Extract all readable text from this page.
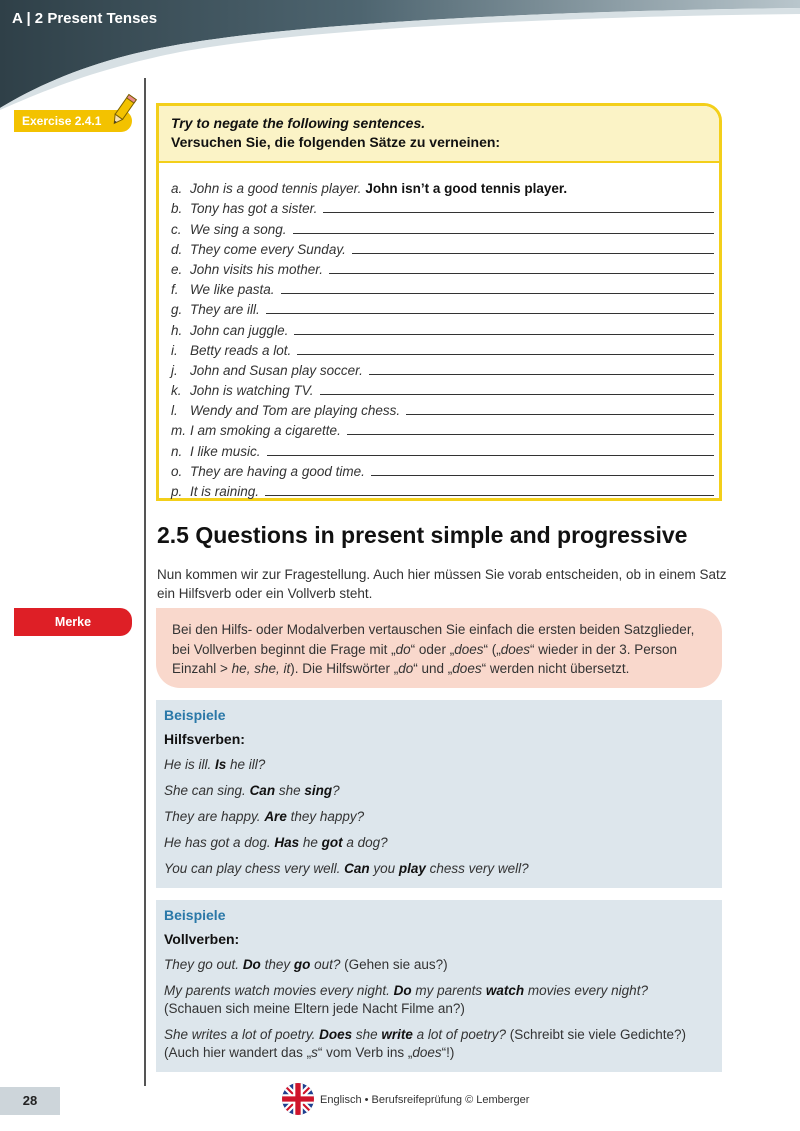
A | 2 Present Tenses
Exercise 2.4.1	Try to negate the following sentences.
Versuchen Sie, die folgenden Sätze zu verneinen:
a. John is a good tennis player. John isn’t a good tennis player.
b. Tony has got a sister.
c. We sing a song.
d. They come every Sunday.
e. John visits his mother.
f. We like pasta.
g. They are ill.
h. John can juggle.
i. Betty reads a lot.
j. John and Susan play soccer.
k. John is watching TV.
l. Wendy and Tom are playing chess.
m. I am smoking a cigarette.
n. I like music.
o. They are having a good time.
p. It is raining.
2.5 Questions in present simple and progressive
Nun kommen wir zur Fragestellung. Auch hier müssen Sie vorab entscheiden, ob in einem Satz ein Hilfsverb oder ein Vollverb steht.
Merke	Bei den Hilfs- oder Modalverben vertauschen Sie einfach die ersten beiden Satzglieder, bei Vollverben beginnt die Frage mit „do“ oder „does“ („does“ wieder in der 3. Person Einzahl > he, she, it). Die Hilfswörter „do“ und „does“ werden nicht übersetzt.
Beispiele
Hilfsverben:
He is ill. Is he ill?
She can sing. Can she sing?
They are happy. Are they happy?
He has got a dog. Has he got a dog?
You can play chess very well. Can you play chess very well?
Beispiele
Vollverben:
They go out. Do they go out? (Gehen sie aus?)
My parents watch movies every night. Do my parents watch movies every night?
(Schauen sich meine Eltern jede Nacht Filme an?)
She writes a lot of poetry. Does she write a lot of poetry? (Schreibt sie viele Gedichte?)
(Auch hier wandert das „s“ vom Verb ins „does“!)
28	Englisch • Berufsreifeprüfung © Lemberger
